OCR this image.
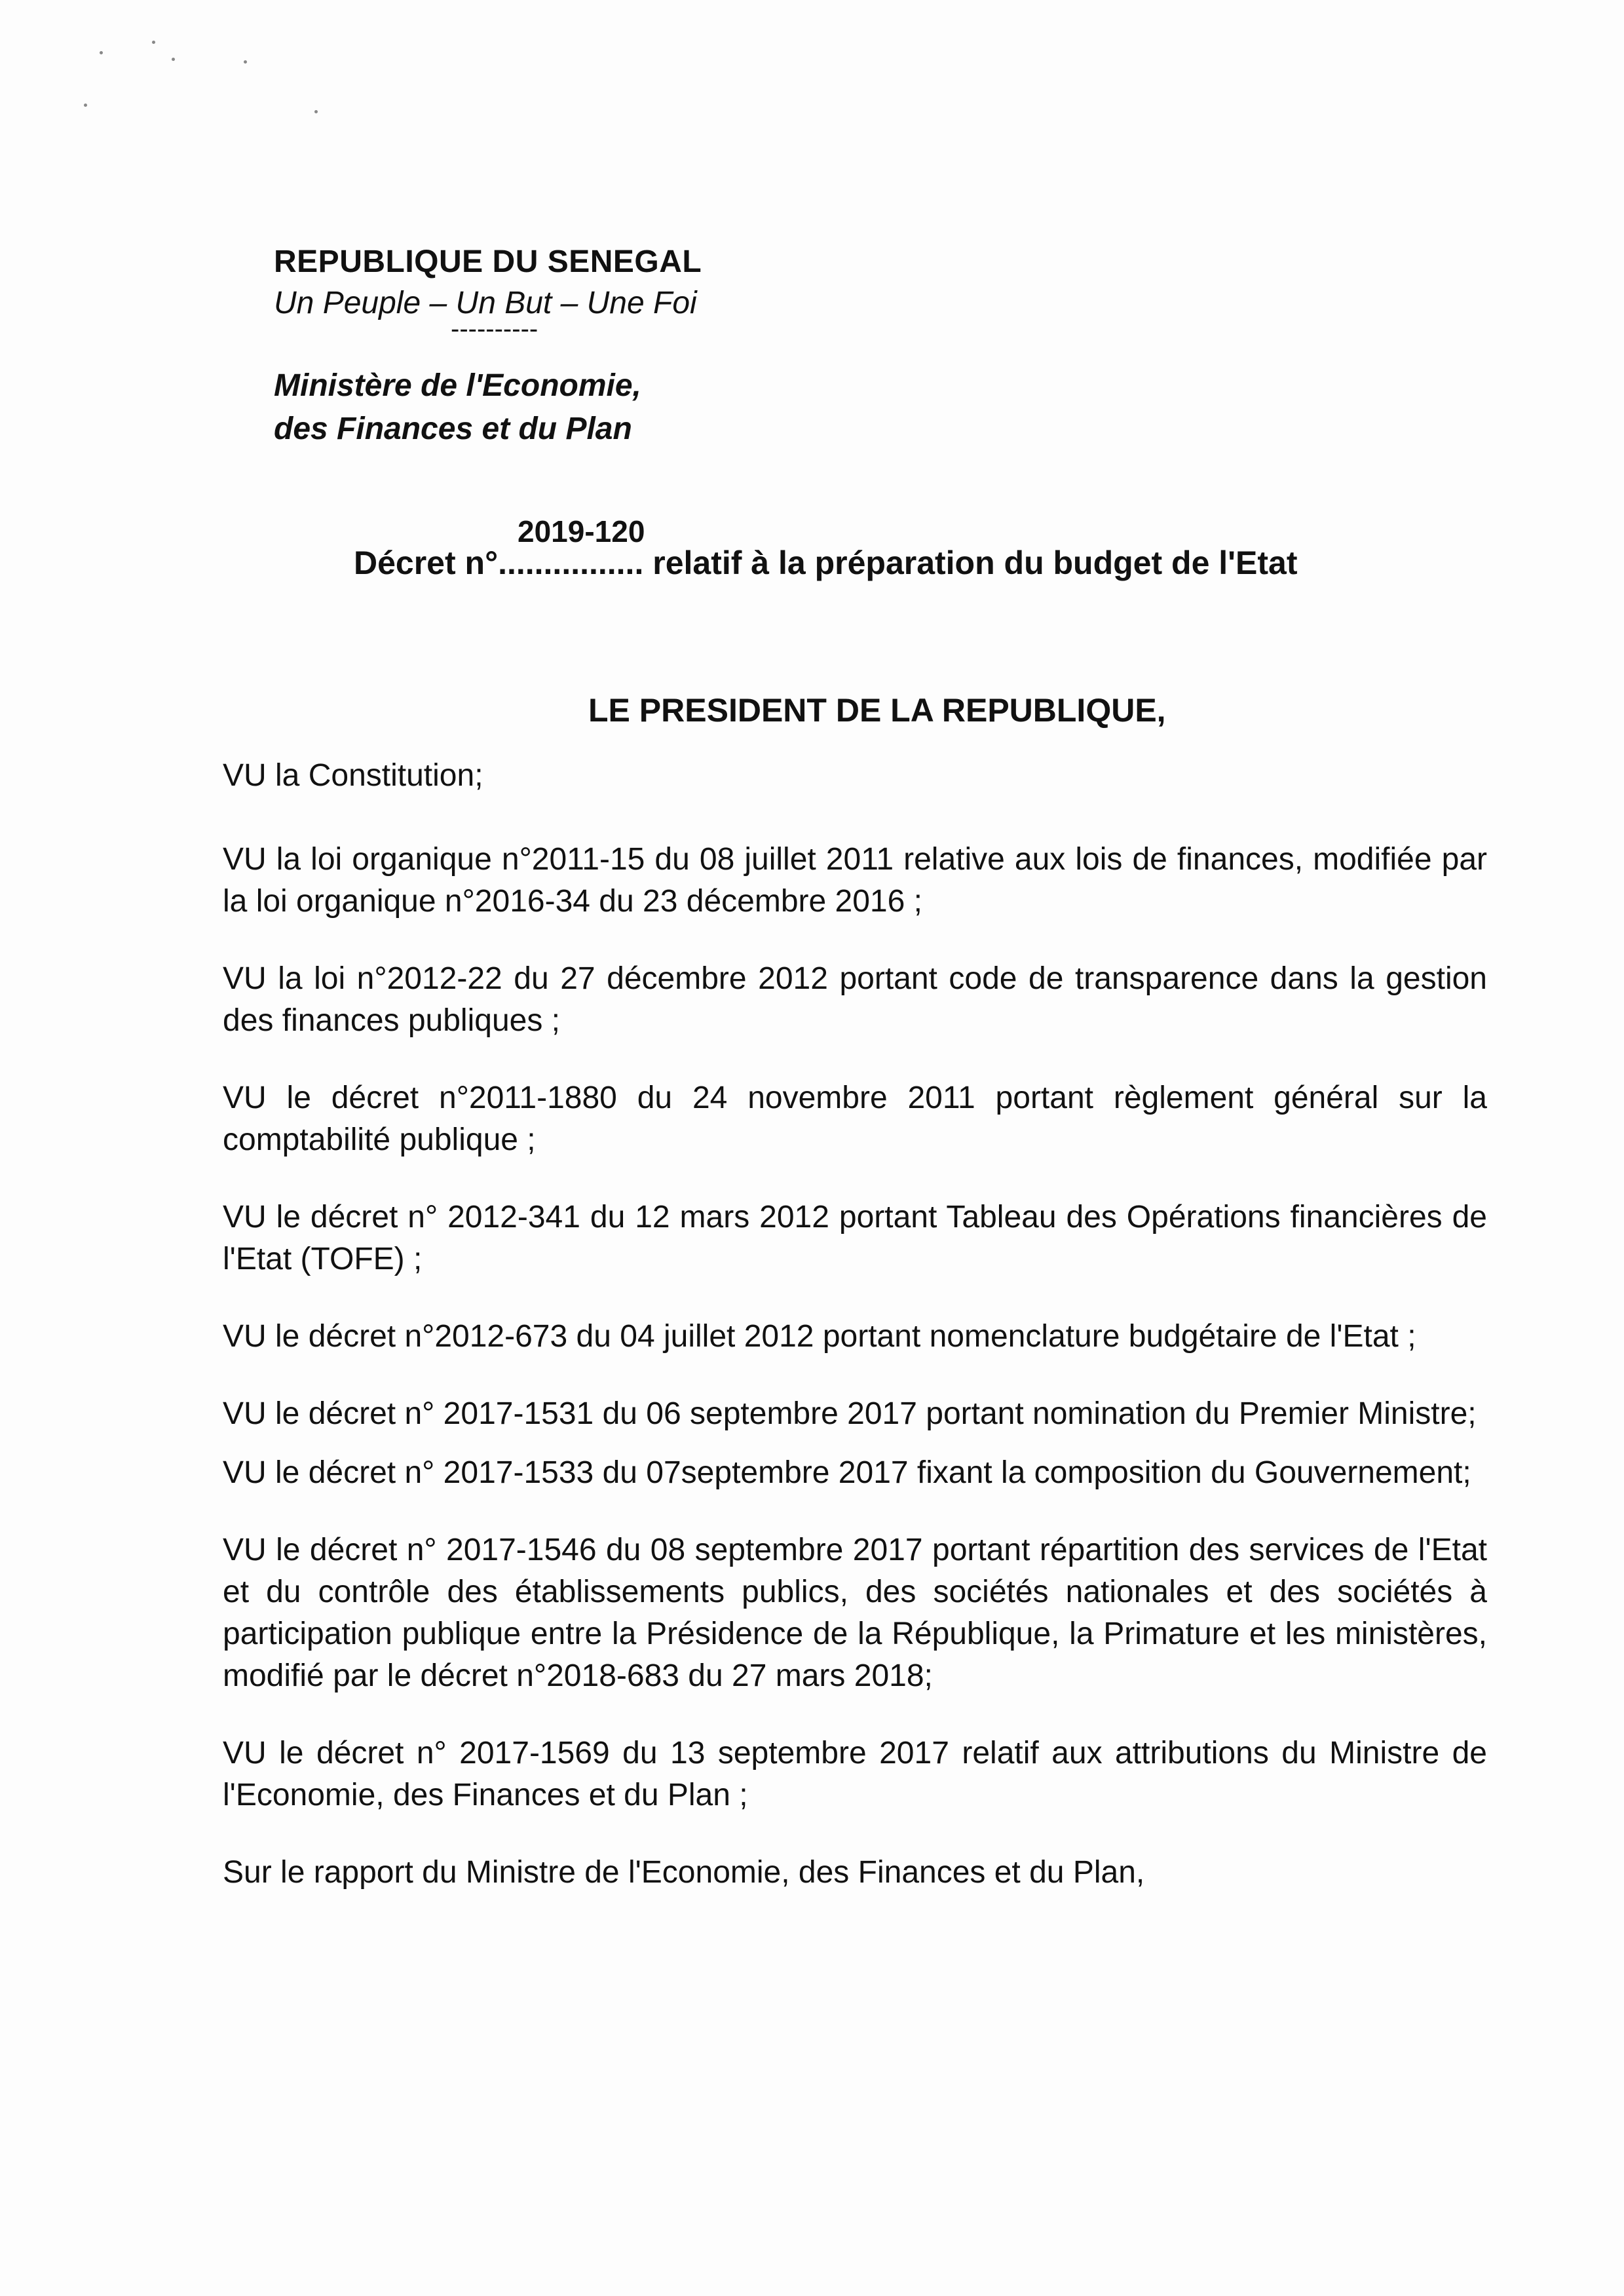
REPUBLIQUE DU SENEGAL
Un Peuple – Un But – Une Foi
----------
Ministère de l'Economie,
des Finances et du Plan
Décret n°................ relatif à la préparation du budget de l'Etat
2019-120
LE PRESIDENT DE LA REPUBLIQUE,

VU la Constitution;

VU la loi organique n°2011-15 du 08 juillet 2011 relative aux lois de finances, modifiée par la loi organique n°2016-34 du 23 décembre 2016 ;

VU la loi n°2012-22 du 27 décembre 2012 portant code de transparence dans la gestion des finances publiques ;

VU le décret n°2011-1880 du 24 novembre 2011 portant règlement général sur la comptabilité publique ;

VU le décret n° 2012-341 du 12 mars 2012 portant Tableau des Opérations financières de l'Etat (TOFE) ;

VU le décret n°2012-673 du 04 juillet 2012 portant nomenclature budgétaire de l'Etat ;

VU le décret n° 2017-1531 du 06 septembre 2017 portant nomination du Premier Ministre;

VU le décret n° 2017-1533 du 07septembre 2017 fixant la composition du Gouvernement;

VU le décret n° 2017-1546 du 08 septembre 2017 portant répartition des services de l'Etat et du contrôle des établissements publics, des sociétés nationales et des sociétés à participation publique entre la Présidence de la République, la Primature et les ministères, modifié par le décret n°2018-683 du 27 mars 2018;

VU le décret n° 2017-1569 du 13 septembre 2017 relatif aux attributions du Ministre de l'Economie, des Finances et du Plan ;

Sur le rapport du Ministre de l'Economie, des Finances et du Plan,
